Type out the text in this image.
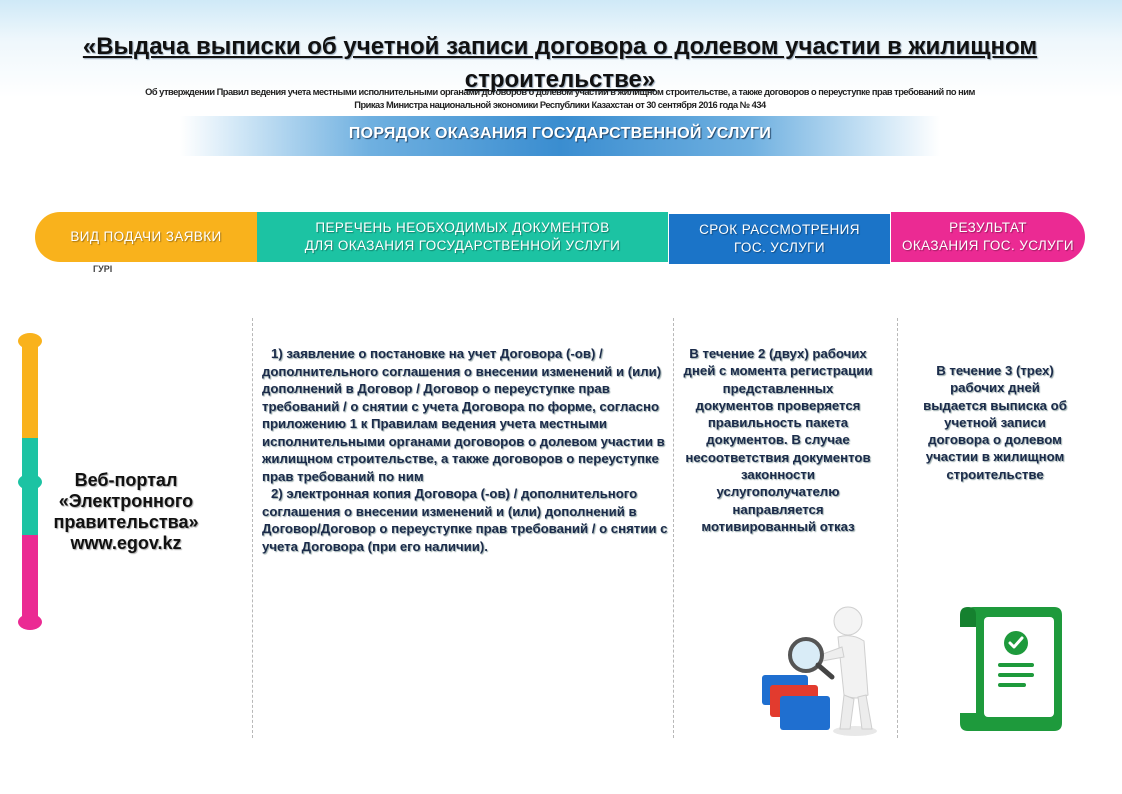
«Выдача выписки об учетной записи договора о долевом участии в жилищном строительстве»
Об утверждении Правил ведения учета местными исполнительными органами договоров о долевом участии в жилищном строительстве, а также договоров о переуступке прав требований по ним
Приказ Министра национальной экономики Республики Казахстан от 30 сентября 2016 года № 434
ПОРЯДОК ОКАЗАНИЯ ГОСУДАРСТВЕННОЙ УСЛУГИ
ВИД ПОДАЧИ ЗАЯВКИ
ПЕРЕЧЕНЬ НЕОБХОДИМЫХ ДОКУМЕНТОВ
ДЛЯ ОКАЗАНИЯ ГОСУДАРСТВЕННОЙ УСЛУГИ
СРОК РАССМОТРЕНИЯ
ГОС. УСЛУГИ
РЕЗУЛЬТАТ
ОКАЗАНИЯ ГОС. УСЛУГИ
ГУРI
Веб-портал
«Электронного
правительства»
www.egov.kz

1) заявление о постановке на учет Договора (-ов) / дополнительного соглашения о внесении изменений и (или) дополнений в Договор / Договор о переуступке прав требований / о снятии с учета Договора по форме, согласно приложению 1 к Правилам ведения учета местными исполнительными органами договоров о долевом участии в жилищном строительстве, а также договоров о переуступке прав требований по ним

2) электронная копия Договора (-ов) / дополнительного соглашения о внесении изменений и (или) дополнений в Договор/Договор о переуступке прав требований / о снятии с учета Договора (при его наличии).

В течение 2 (двух) рабочих дней с момента регистрации представленных документов проверяется правильность пакета документов. В случае несоответствия документов законности услугополучателю направляется мотивированный отказ
В течение 3 (трех) рабочих дней выдается выписка об учетной записи договора о долевом участии в жилищном строительстве
